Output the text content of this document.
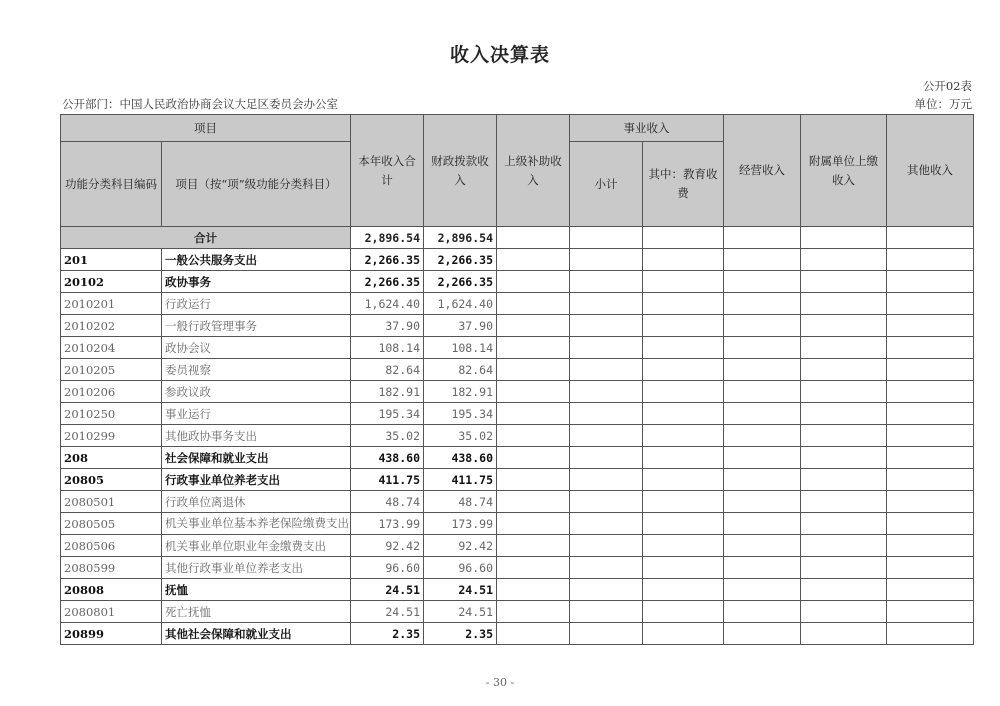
收入决算表
公开02表
公开部门：中国人民政治协商会议大足区委员会办公室	单位：万元
项目		本年收入合计	财政拨款收入	上级补助收入	事业收入		经营收入	附属单位上缴收入	其他收入
功能分类科目编码	项目（按“项”级功能分类科目）				小计	其中：教育收费			
合计		2,896.54	2,896.54						
201	一般公共服务支出	2,266.35	2,266.35						
20102	政协事务	2,266.35	2,266.35						
2010201	行政运行	1,624.40	1,624.40						
2010202	一般行政管理事务	37.90	37.90						
2010204	政协会议	108.14	108.14						
2010205	委员视察	82.64	82.64						
2010206	参政议政	182.91	182.91						
2010250	事业运行	195.34	195.34						
2010299	其他政协事务支出	35.02	35.02						
208	社会保障和就业支出	438.60	438.60						
20805	行政事业单位养老支出	411.75	411.75						
2080501	行政单位离退休	48.74	48.74						
2080505	机关事业单位基本养老保险缴费支出	173.99	173.99						
2080506	机关事业单位职业年金缴费支出	92.42	92.42						
2080599	其他行政事业单位养老支出	96.60	96.60						
20808	抚恤	24.51	24.51						
2080801	死亡抚恤	24.51	24.51						
20899	其他社会保障和就业支出	2.35	2.35						
- 30 -
